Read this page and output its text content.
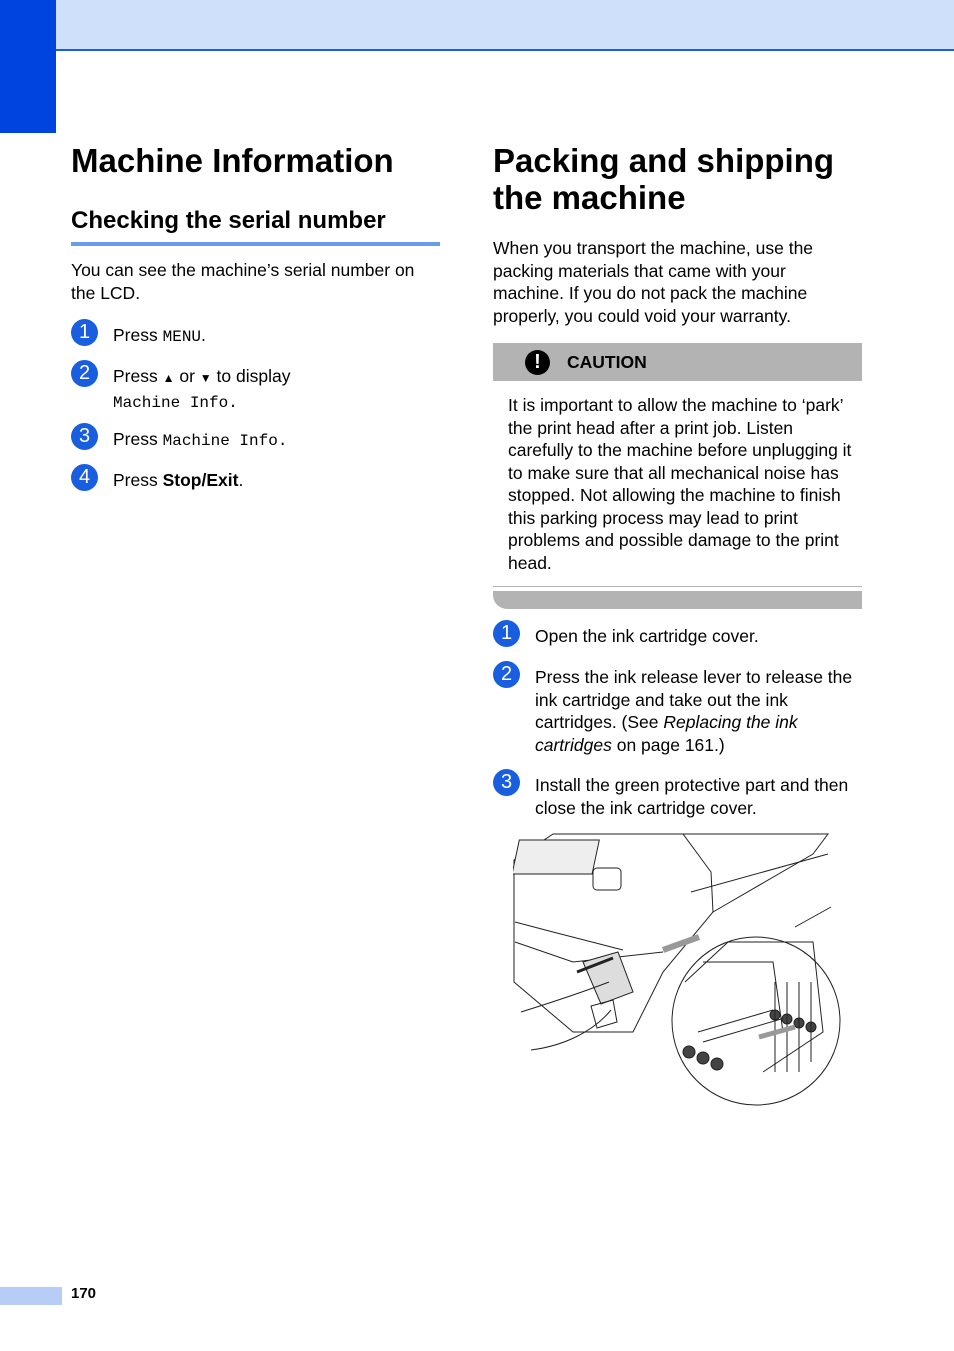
Machine Information
Checking the serial number
You can see the machine’s serial number on the LCD.
1	Press MENU.
2	Press ▲ or ▼ to display
Machine Info.
3	Press Machine Info.
4	Press Stop/Exit.
Packing and shipping the machine
When you transport the machine, use the packing materials that came with your machine. If you do not pack the machine properly, you could void your warranty.
!	CAUTION
It is important to allow the machine to ‘park’ the print head after a print job. Listen carefully to the machine before unplugging it to make sure that all mechanical noise has stopped. Not allowing the machine to finish this parking process may lead to print problems and possible damage to the print head.
1	Open the ink cartridge cover.
2	Press the ink release lever to release the ink cartridge and take out the ink cartridges. (See Replacing the ink cartridges on page 161.)
3	Install the green protective part and then close the ink cartridge cover.
170
